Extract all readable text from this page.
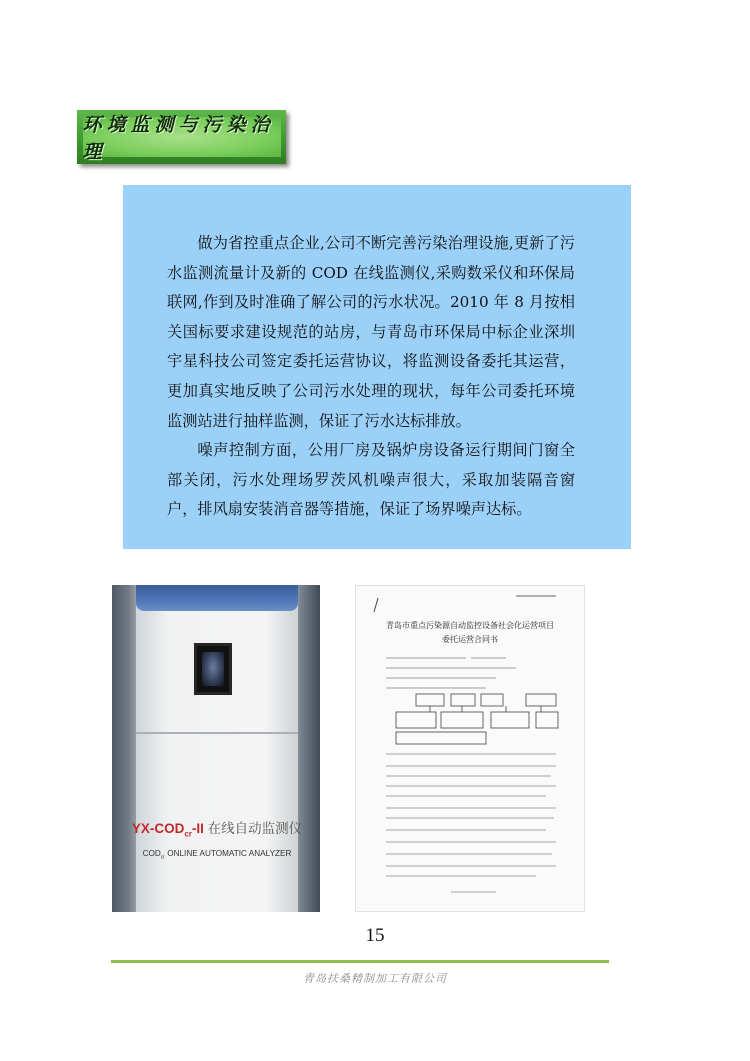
环境监测与污染治理

做为省控重点企业,公司不断完善污染治理设施,更新了污水监测流量计及新的 COD 在线监测仪,采购数采仪和环保局联网,作到及时准确了解公司的污水状况。2010 年 8 月按相关国标要求建设规范的站房，与青岛市环保局中标企业深圳宇星科技公司签定委托运营协议，将监测设备委托其运营，更加真实地反映了公司污水处理的现状，每年公司委托环境监测站进行抽样监测，保证了污水达标排放。

噪声控制方面，公用厂房及锅炉房设备运行期间门窗全部关闭，污水处理场罗茨风机噪声很大，采取加装隔音窗户，排风扇安装消音器等措施，保证了场界噪声达标。

$YX-COD_{cr}-II$ 在线自动监测仪
$COD_{cr}$ ONLINE AUTOMATIC ANALYZER
青岛市重点污染源自动监控设备社会化运营项目
委托运营合同书
15
青岛扶桑精制加工有限公司
